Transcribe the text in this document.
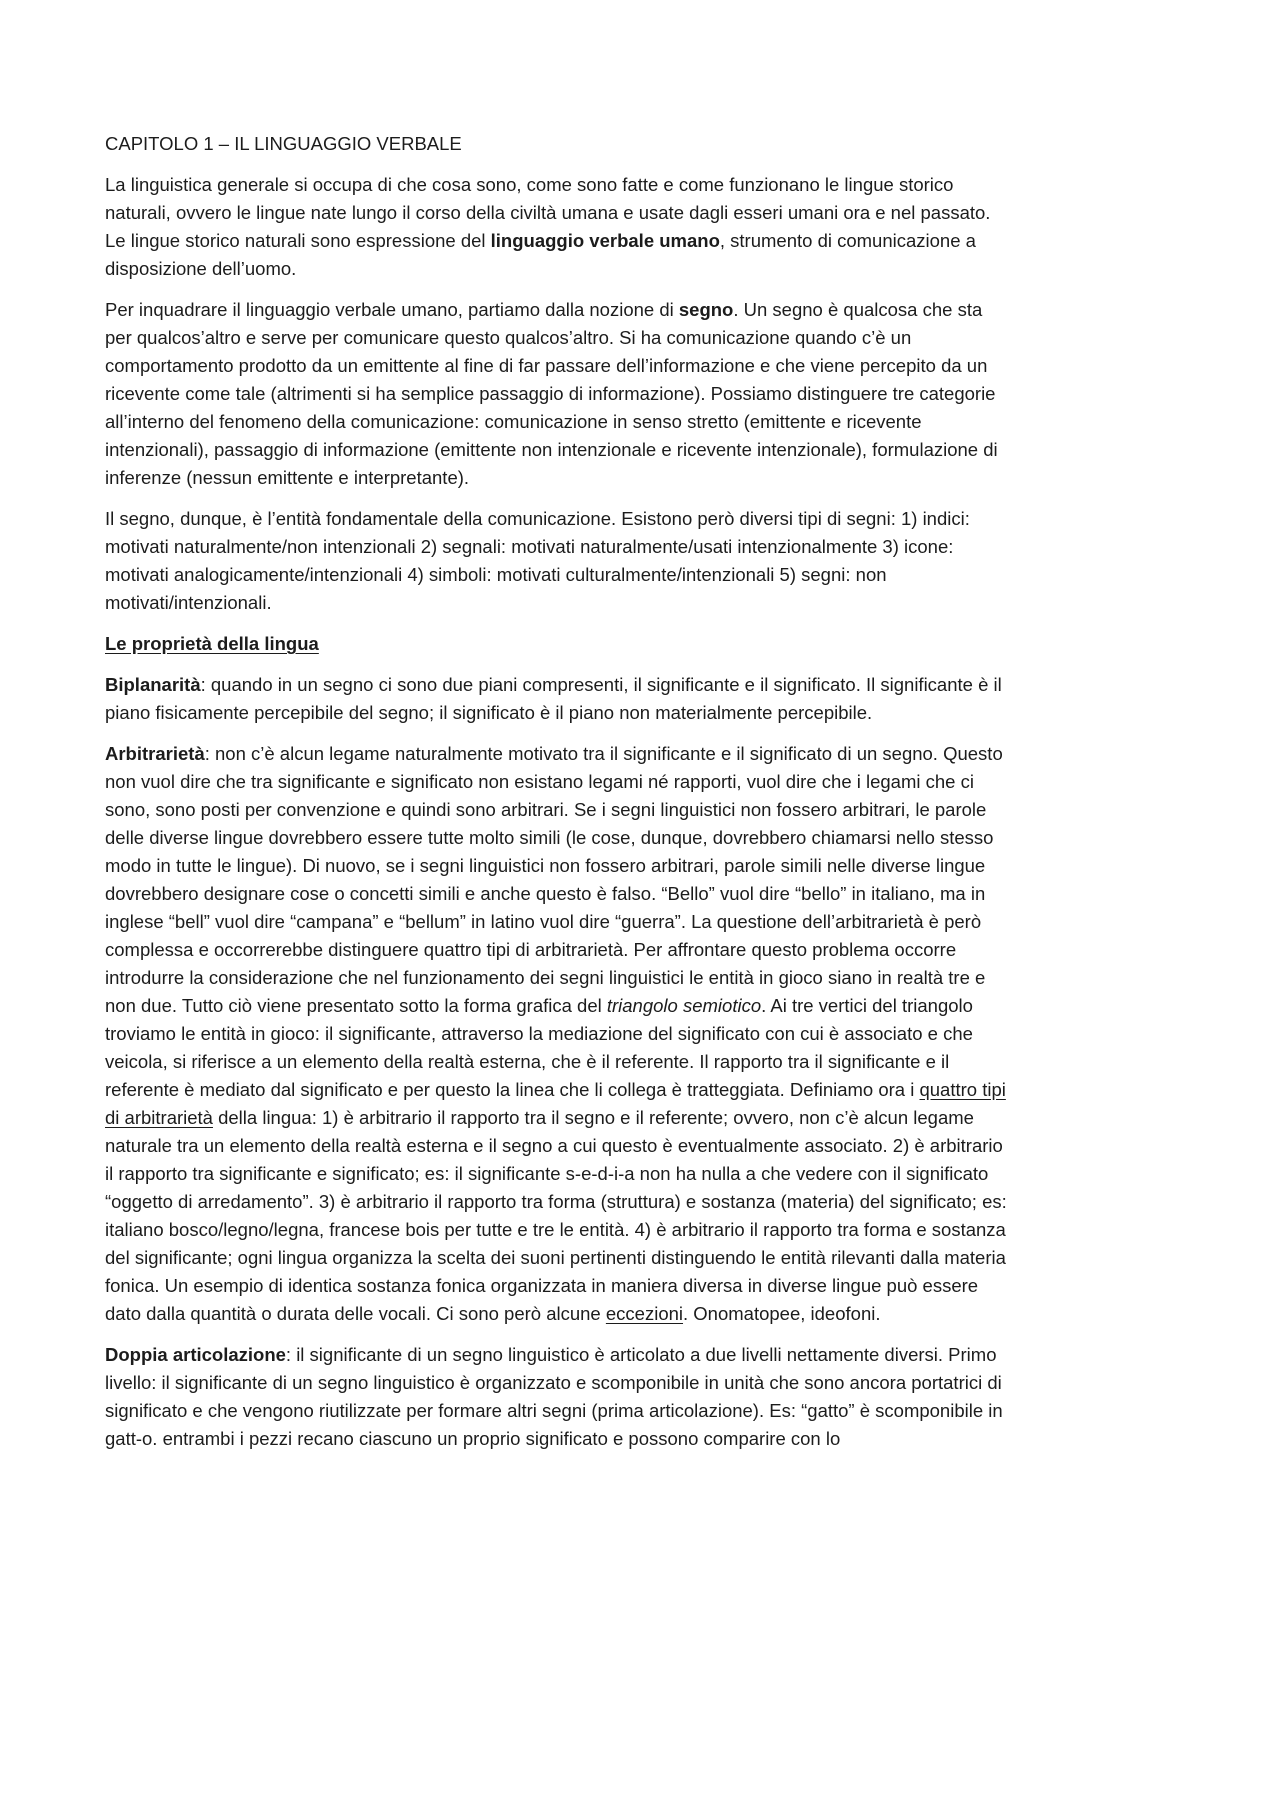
CAPITOLO 1 – IL LINGUAGGIO VERBALE

La linguistica generale si occupa di che cosa sono, come sono fatte e come funzionano le lingue storico naturali, ovvero le lingue nate lungo il corso della civiltà umana e usate dagli esseri umani ora e nel passato. Le lingue storico naturali sono espressione del linguaggio verbale umano, strumento di comunicazione a disposizione dell’uomo.

Per inquadrare il linguaggio verbale umano, partiamo dalla nozione di segno. Un segno è qualcosa che sta per qualcos’altro e serve per comunicare questo qualcos’altro. Si ha comunicazione quando c’è un comportamento prodotto da un emittente al fine di far passare dell’informazione e che viene percepito da un ricevente come tale (altrimenti si ha semplice passaggio di informazione). Possiamo distinguere tre categorie all’interno del fenomeno della comunicazione: comunicazione in senso stretto (emittente e ricevente intenzionali), passaggio di informazione (emittente non intenzionale e ricevente intenzionale), formulazione di inferenze (nessun emittente e interpretante).

Il segno, dunque, è l’entità fondamentale della comunicazione. Esistono però diversi tipi di segni: 1) indici: motivati naturalmente/non intenzionali 2) segnali: motivati naturalmente/usati intenzionalmente 3) icone: motivati analogicamente/intenzionali 4) simboli: motivati culturalmente/intenzionali 5) segni: non motivati/intenzionali.

Le proprietà della lingua

Biplanarità: quando in un segno ci sono due piani compresenti, il significante e il significato. Il significante è il piano fisicamente percepibile del segno; il significato è il piano non materialmente percepibile.

Arbitrarietà: non c’è alcun legame naturalmente motivato tra il significante e il significato di un segno. Questo non vuol dire che tra significante e significato non esistano legami né rapporti, vuol dire che i legami che ci sono, sono posti per convenzione e quindi sono arbitrari. Se i segni linguistici non fossero arbitrari, le parole delle diverse lingue dovrebbero essere tutte molto simili (le cose, dunque, dovrebbero chiamarsi nello stesso modo in tutte le lingue). Di nuovo, se i segni linguistici non fossero arbitrari, parole simili nelle diverse lingue dovrebbero designare cose o concetti simili e anche questo è falso. “Bello” vuol dire “bello” in italiano, ma in inglese “bell” vuol dire “campana” e “bellum” in latino vuol dire “guerra”. La questione dell’arbitrarietà è però complessa e occorrerebbe distinguere quattro tipi di arbitrarietà. Per affrontare questo problema occorre introdurre la considerazione che nel funzionamento dei segni linguistici le entità in gioco siano in realtà tre e non due. Tutto ciò viene presentato sotto la forma grafica del triangolo semiotico. Ai tre vertici del triangolo troviamo le entità in gioco: il significante, attraverso la mediazione del significato con cui è associato e che veicola, si riferisce a un elemento della realtà esterna, che è il referente. Il rapporto tra il significante e il referente è mediato dal significato e per questo la linea che li collega è tratteggiata. Definiamo ora i quattro tipi di arbitrarietà della lingua: 1) è arbitrario il rapporto tra il segno e il referente; ovvero, non c’è alcun legame naturale tra un elemento della realtà esterna e il segno a cui questo è eventualmente associato. 2) è arbitrario il rapporto tra significante e significato; es: il significante s-e-d-i-a non ha nulla a che vedere con il significato “oggetto di arredamento”. 3) è arbitrario il rapporto tra forma (struttura) e sostanza (materia) del significato; es: italiano bosco/legno/legna, francese bois per tutte e tre le entità. 4) è arbitrario il rapporto tra forma e sostanza del significante; ogni lingua organizza la scelta dei suoni pertinenti distinguendo le entità rilevanti dalla materia fonica. Un esempio di identica sostanza fonica organizzata in maniera diversa in diverse lingue può essere dato dalla quantità o durata delle vocali. Ci sono però alcune eccezioni. Onomatopee, ideofoni.

Doppia articolazione: il significante di un segno linguistico è articolato a due livelli nettamente diversi. Primo livello: il significante di un segno linguistico è organizzato e scomponibile in unità che sono ancora portatrici di significato e che vengono riutilizzate per formare altri segni (prima articolazione). Es: “gatto” è scomponibile in gatt-o. entrambi i pezzi recano ciascuno un proprio significato e possono comparire con lo
